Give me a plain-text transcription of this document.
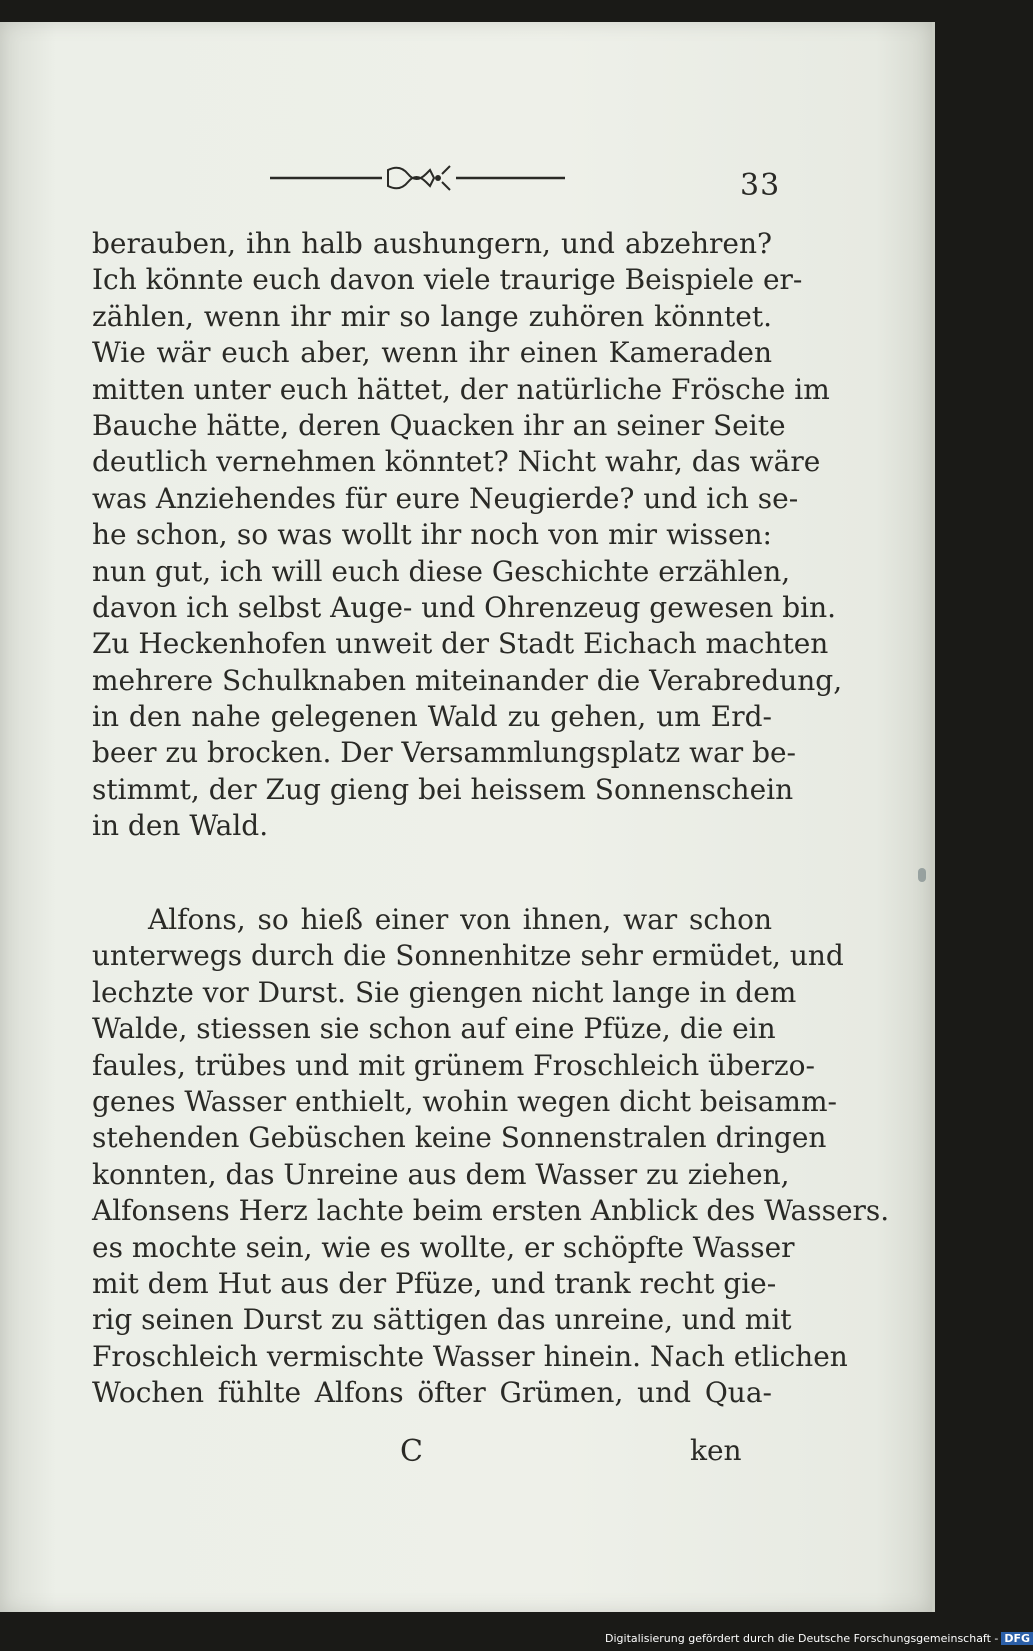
33
berauben, ihn halb aushungern, und abzehren?
Ich könnte euch davon viele traurige Beispiele er-
zählen, wenn ihr mir so lange zuhören könntet.
Wie wär euch aber, wenn ihr einen Kameraden
mitten unter euch hättet, der natürliche Frösche im
Bauche hätte, deren Quacken ihr an seiner Seite
deutlich vernehmen könntet? Nicht wahr, das wäre
was Anziehendes für eure Neugierde? und ich se-
he schon, so was wollt ihr noch von mir wissen:
nun gut, ich will euch diese Geschichte erzählen,
davon ich selbst Auge- und Ohrenzeug gewesen bin.
Zu Heckenhofen unweit der Stadt Eichach machten
mehrere Schulknaben miteinander die Verabredung,
in den nahe gelegenen Wald zu gehen, um Erd-
beer zu brocken. Der Versammlungsplatz war be-
stimmt, der Zug gieng bei heissem Sonnenschein
in den Wald.
Alfons, so hieß einer von ihnen, war schon
unterwegs durch die Sonnenhitze sehr ermüdet, und
lechzte vor Durst. Sie giengen nicht lange in dem
Walde, stiessen sie schon auf eine Pfüze, die ein
faules, trübes und mit grünem Froschleich überzo-
genes Wasser enthielt, wohin wegen dicht beisamm-
stehenden Gebüschen keine Sonnenstralen dringen
konnten, das Unreine aus dem Wasser zu ziehen,
Alfonsens Herz lachte beim ersten Anblick des Wassers.
es mochte sein, wie es wollte, er schöpfte Wasser
mit dem Hut aus der Pfüze, und trank recht gie-
rig seinen Durst zu sättigen das unreine, und mit
Froschleich vermischte Wasser hinein. Nach etlichen
Wochen fühlte Alfons öfter Grümen, und Qua-
C	ken
Digitalisierung gefördert durch die Deutsche Forschungsgemeinschaft - DFG
